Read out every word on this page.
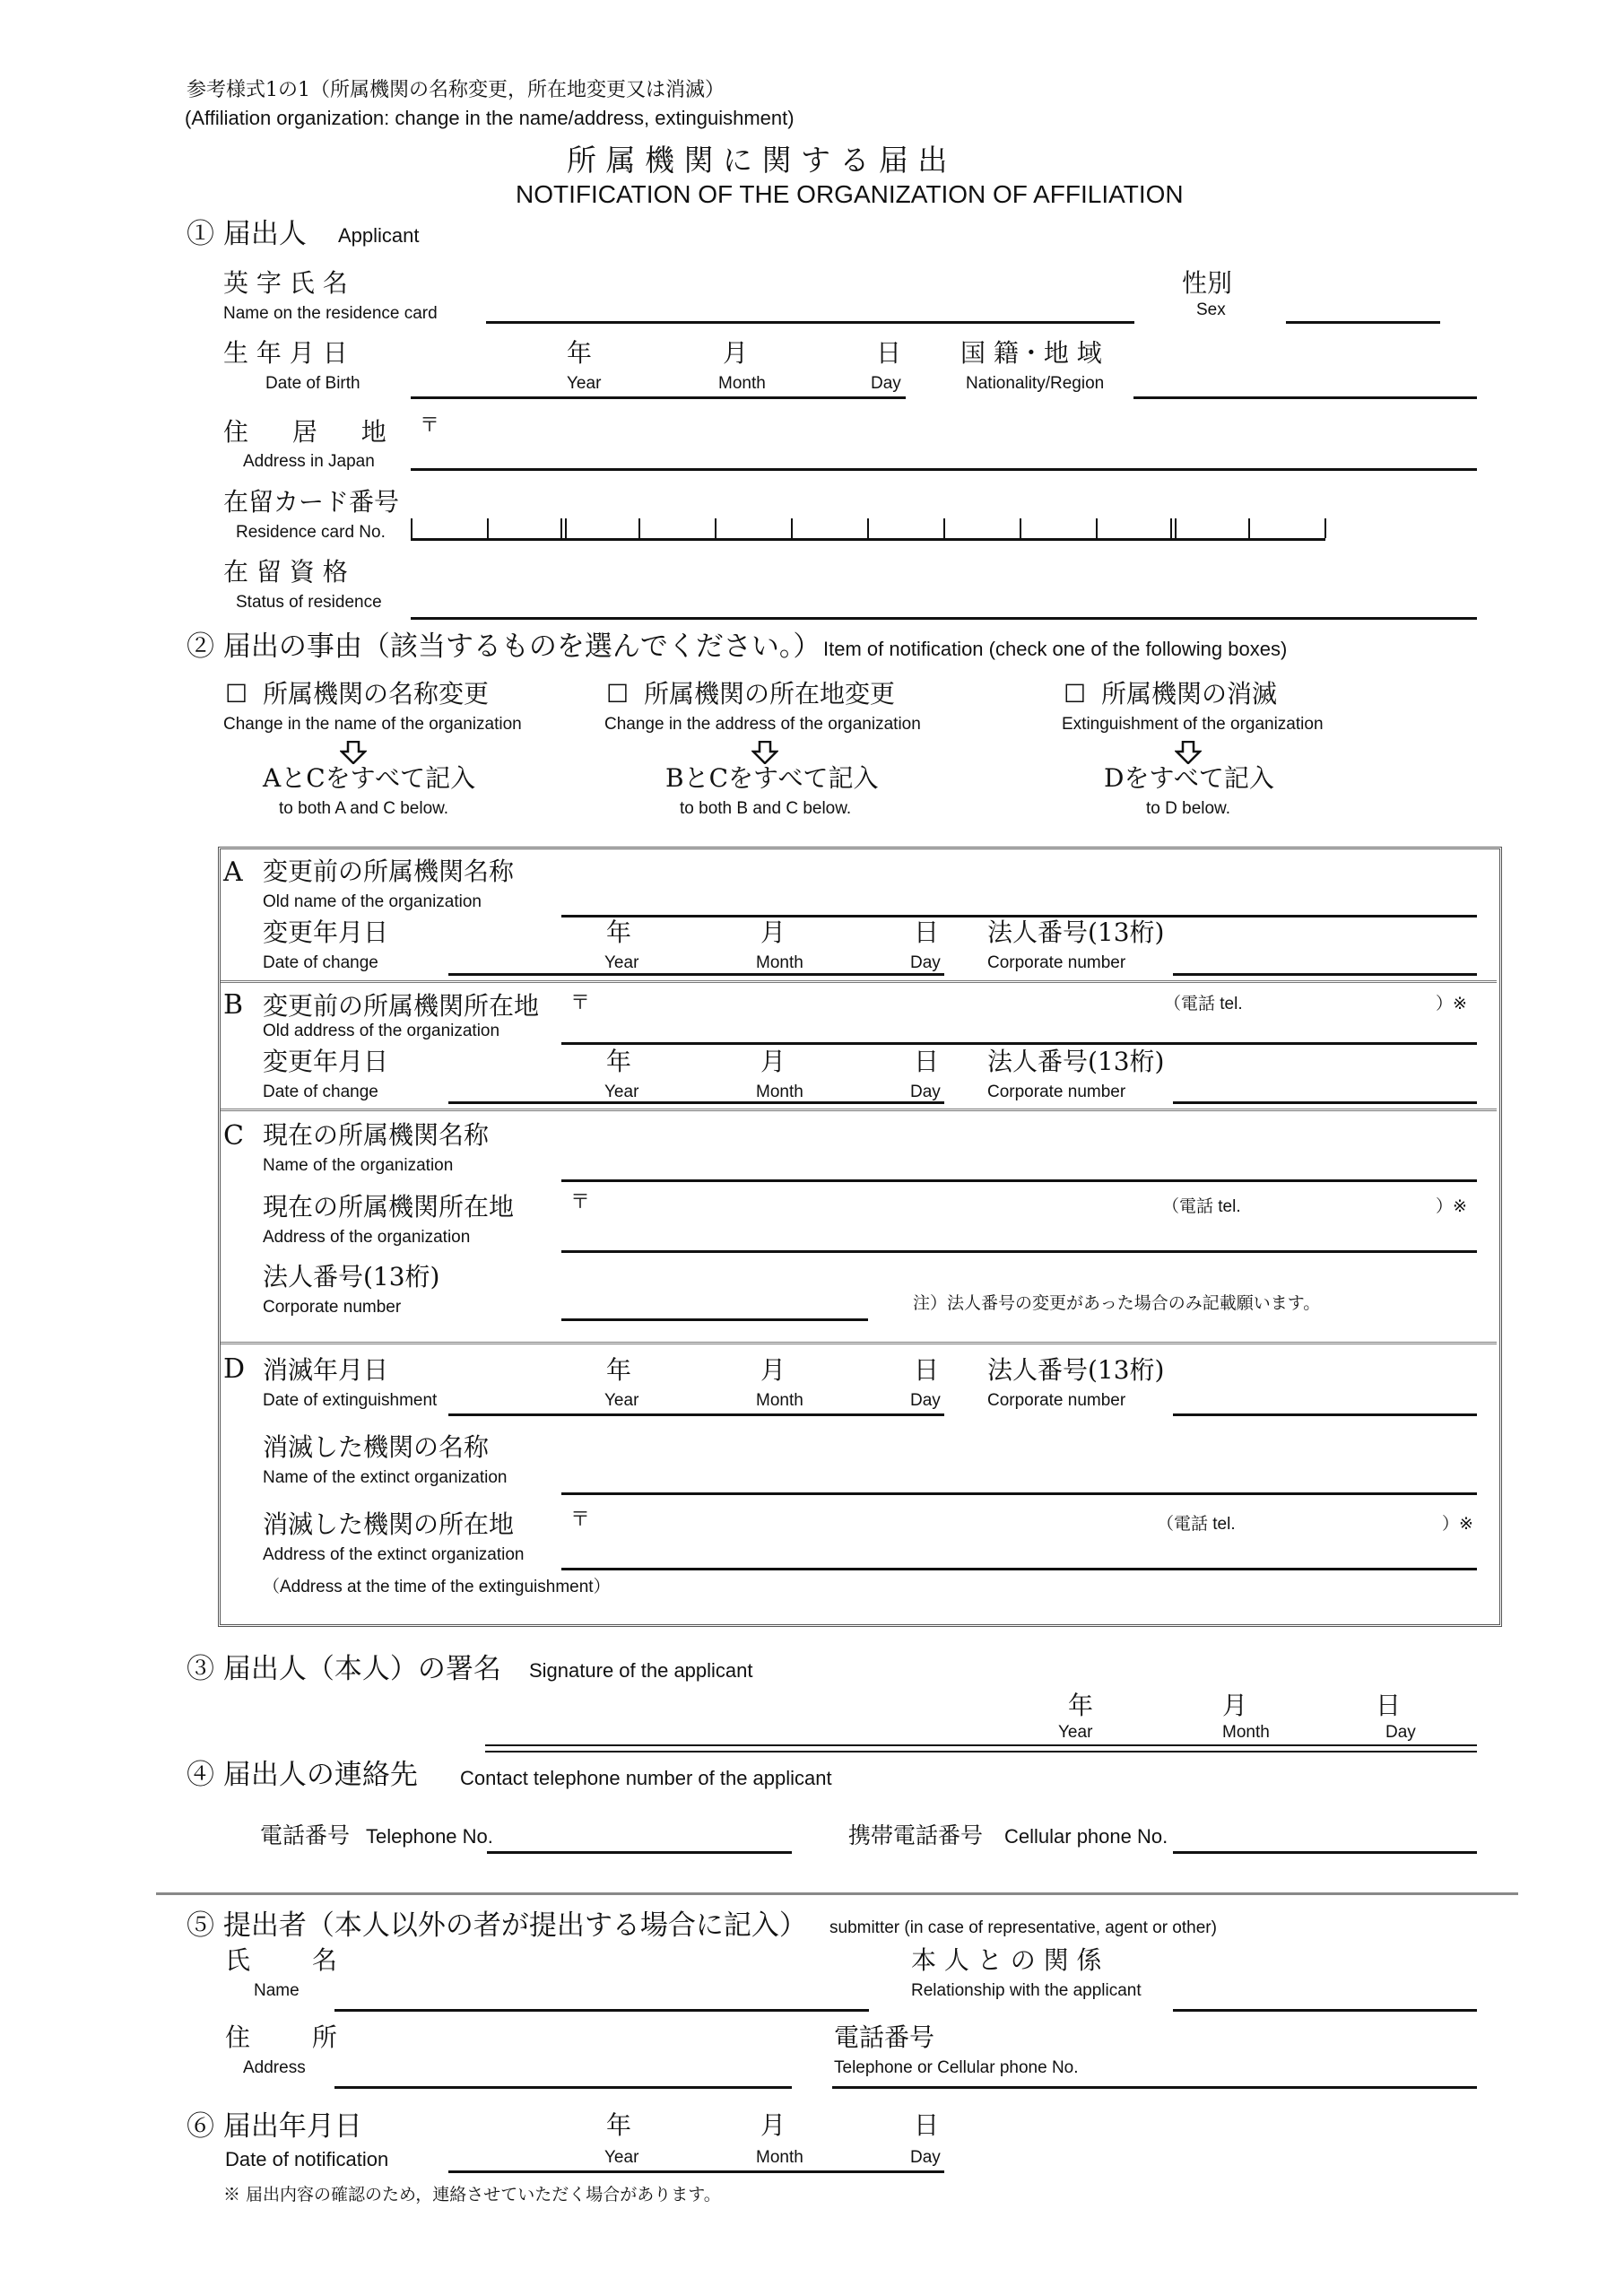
参考様式1の1（所属機関の名称変更，所在地変更又は消滅）
(Affiliation organization: change in the name/address, extinguishment)
所 属 機 関 に 関 す る 届 出
NOTIFICATION OF THE ORGANIZATION OF AFFILIATION
① 届出人 Applicant
英 字 氏 名
Name on the residence card
性別
Sex
生 年 月 日
Date of Birth
年
Year
月
Month
日
Day
国 籍・地 域
Nationality/Region
住 居 地 〒
Address in Japan
在留カード番号
Residence card No.
在 留 資 格
Status of residence
② 届出の事由（該当するものを選んでください。） Item of notification (check one of the following boxes)
☐ 所属機関の名称変更
Change in the name of the organization
☐ 所属機関の所在地変更
Change in the address of the organization
☐ 所属機関の消滅
Extinguishment of the organization
AとCをすべて記入
to both A and C below.
BとCをすべて記入
to both B and C below.
Dをすべて記入
to D below.
A 変更前の所属機関名称
Old name of the organization
変更年月日
Date of change
年
Year
月
Month
日
Day
法人番号(13桁)
Corporate number
B 変更前の所属機関所在地
Old address of the organization
〒	（電話 tel.	）※
変更年月日
Date of change
年
Year
月
Month
日
Day
法人番号(13桁)
Corporate number
C 現在の所属機関名称
Name of the organization
現在の所属機関所在地
Address of the organization
〒	（電話 tel.	）※
法人番号(13桁)
Corporate number	注）法人番号の変更があった場合のみ記載願います。
D 消滅年月日
Date of extinguishment
年
Year
月
Month
日
Day
法人番号(13桁)
Corporate number
消滅した機関の名称
Name of the extinct organization
消滅した機関の所在地	〒	（電話 tel.	）※
Address of the extinct organization
（Address at the time of the extinguishment）
③ 届出人（本人）の署名 Signature of the applicant
年
Year
月
Month
日
Day
④ 届出人の連絡先 Contact telephone number of the applicant
電話番号 Telephone No.	携帯電話番号 Cellular phone No.
⑤ 提出者（本人以外の者が提出する場合に記入） submitter (in case of representative, agent or other)
氏 名
Name
本 人 と の 関 係
Relationship with the applicant
住 所
Address
電話番号
Telephone or Cellular phone No.
⑥ 届出年月日
Date of notification
年
Year
月
Month
日
Day
※ 届出内容の確認のため，連絡させていただく場合があります。
